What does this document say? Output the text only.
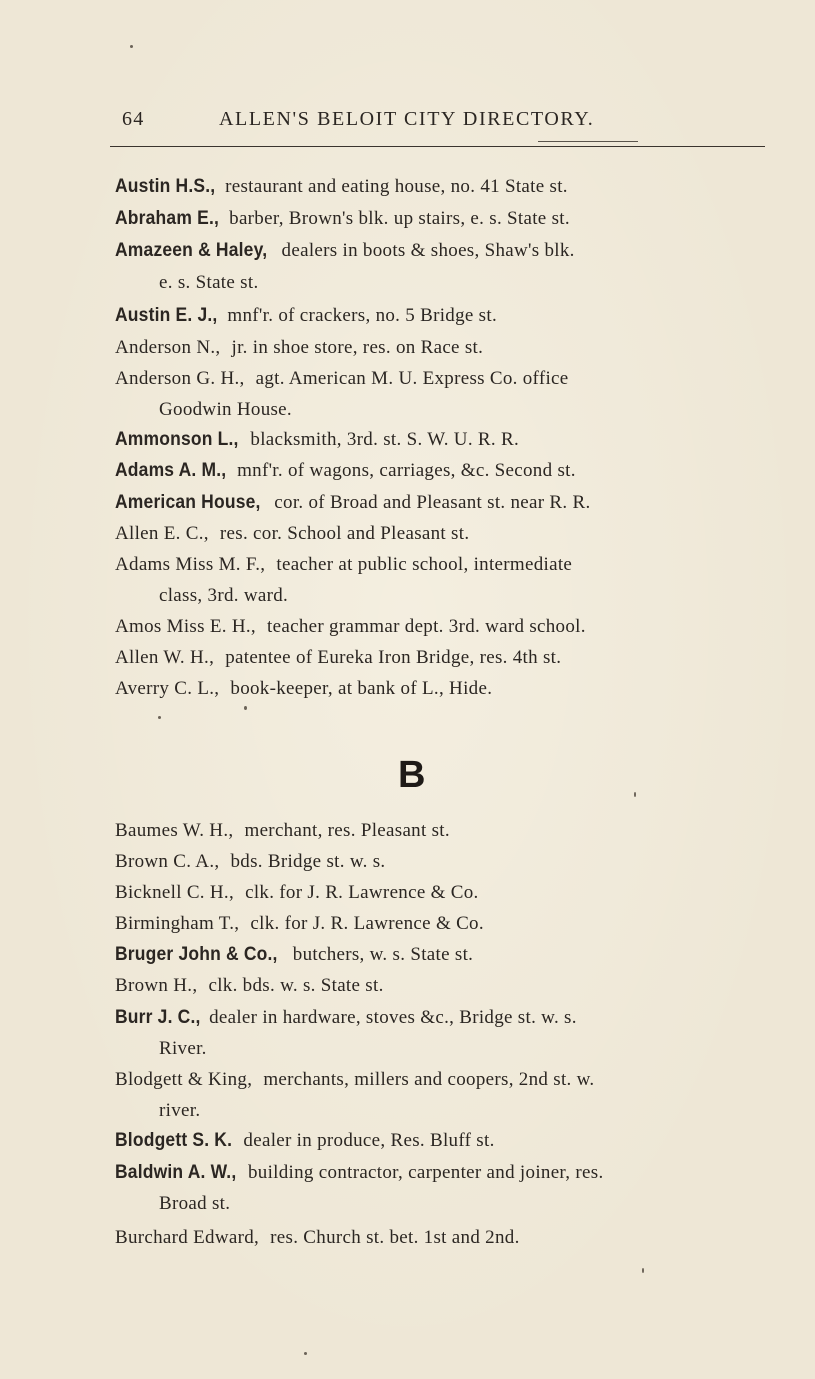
64	ALLEN'S BELOIT CITY DIRECTORY.
Austin H.S., restaurant and eating house, no. 41 State st.
Abraham E., barber, Brown's blk. up stairs, e. s. State st.
Amazeen & Haley, dealers in boots & shoes, Shaw's blk.
e. s. State st.
Austin E. J., mnf'r. of crackers, no. 5 Bridge st.
Anderson N., jr. in shoe store, res. on Race st.
Anderson G. H., agt. American M. U. Express Co. office
Goodwin House.
Ammonson L., blacksmith, 3rd. st. S. W. U. R. R.
Adams A. M., mnf'r. of wagons, carriages, &c. Second st.
American House, cor. of Broad and Pleasant st. near R. R.
Allen E. C., res. cor. School and Pleasant st.
Adams Miss M. F., teacher at public school, intermediate
class, 3rd. ward.
Amos Miss E. H., teacher grammar dept. 3rd. ward school.
Allen W. H., patentee of Eureka Iron Bridge, res. 4th st.
Averry C. L., book-keeper, at bank of L., Hide.
B
Baumes W. H., merchant, res. Pleasant st.
Brown C. A., bds. Bridge st. w. s.
Bicknell C. H., clk. for J. R. Lawrence & Co.
Birmingham T., clk. for J. R. Lawrence & Co.
Bruger John & Co., butchers, w. s. State st.
Brown H., clk. bds. w. s. State st.
Burr J. C., dealer in hardware, stoves &c., Bridge st. w. s.
River.
Blodgett & King, merchants, millers and coopers, 2nd st. w.
river.
Blodgett S. K. dealer in produce, Res. Bluff st.
Baldwin A. W., building contractor, carpenter and joiner, res.
Broad st.
Burchard Edward, res. Church st. bet. 1st and 2nd.
